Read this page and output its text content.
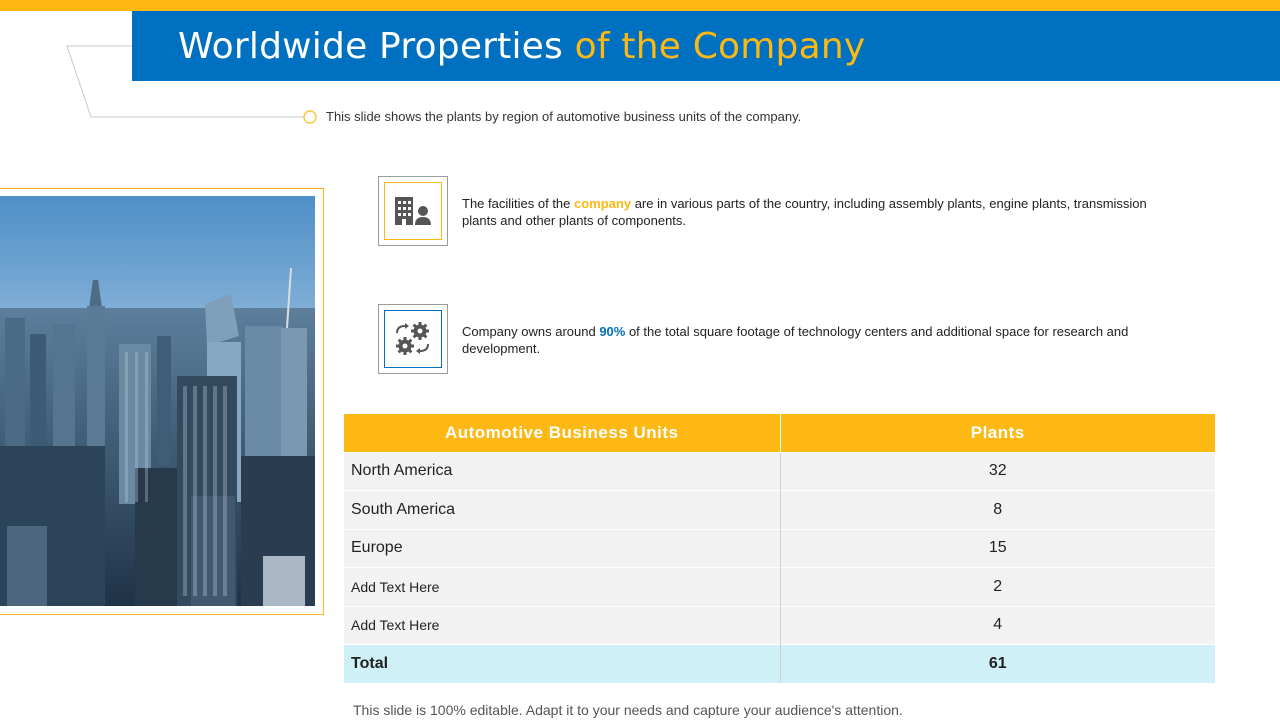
Worldwide Properties of the Company

This slide shows the plants by region of automotive business units of the company.

The facilities of the company are in various parts of the country, including assembly plants, engine plants, transmission plants and other plants of components.

Company owns around 90% of the total square footage of technology centers and additional space for research and development.

Automotive Business Units	Plants
North America	32
South America	8
Europe	15
Add Text Here	2
Add Text Here	4
Total	61

This slide is 100% editable. Adapt it to your needs and capture your audience's attention.
